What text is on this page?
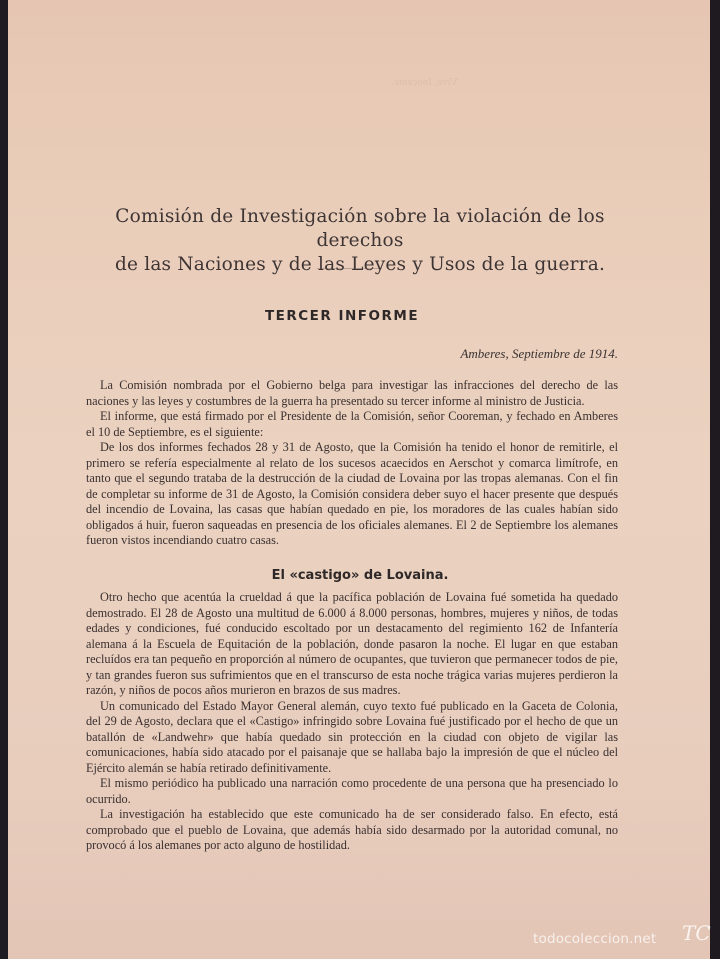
Vive, Inocente.
Comisión de Investigación sobre la violación de los derechos
de las Naciones y de las Leyes y Usos de la guerra.
TERCER INFORME
Amberes, Septiembre de 1914.

La Comisión nombrada por el Gobierno belga para investigar las infracciones del derecho de las naciones y las leyes y costumbres de la guerra ha presentado su tercer informe al ministro de Justicia.

El informe, que está firmado por el Presidente de la Comisión, señor Cooreman, y fechado en Amberes el 10 de Septiembre, es el siguiente:

De los dos informes fechados 28 y 31 de Agosto, que la Comisión ha tenido el honor de remitirle, el primero se refería especialmente al relato de los sucesos acaecidos en Aerschot y comarca limítrofe, en tanto que el segundo trataba de la destrucción de la ciudad de Lovaina por las tropas alemanas. Con el fin de completar su informe de 31 de Agosto, la Comisión considera deber suyo el hacer presente que después del incendio de Lovaina, las casas que habían quedado en pie, los moradores de las cuales habían sido obligados á huir, fueron saqueadas en presencia de los oficiales alemanes. El 2 de Septiembre los alemanes fueron vistos incendiando cuatro casas.

El «castigo» de Lovaina.

Otro hecho que acentúa la crueldad á que la pacífica población de Lovaina fué sometida ha quedado demostrado. El 28 de Agosto una multitud de 6.000 á 8.000 personas, hombres, mujeres y niños, de todas edades y condiciones, fué conducido escoltado por un destacamento del regimiento 162 de Infantería alemana á la Escuela de Equitación de la población, donde pasaron la noche. El lugar en que estaban recluídos era tan pequeño en proporción al número de ocupantes, que tuvieron que permanecer todos de pie, y tan grandes fueron sus sufrimientos que en el transcurso de esta noche trágica varias mujeres perdieron la razón, y niños de pocos años murieron en brazos de sus madres.

Un comunicado del Estado Mayor General alemán, cuyo texto fué publicado en la Gaceta de Colonia, del 29 de Agosto, declara que el «Castigo» infringido sobre Lovaina fué justificado por el hecho de que un batallón de «Landwehr» que había quedado sin protección en la ciudad con objeto de vigilar las comunicaciones, había sido atacado por el paisanaje que se hallaba bajo la impresión de que el núcleo del Ejército alemán se había retirado definitivamente.

El mismo periódico ha publicado una narración como procedente de una persona que ha presenciado lo ocurrido.

La investigación ha establecido que este comunicado ha de ser considerado falso. En efecto, está comprobado que el pueblo de Lovaina, que además había sido desarmado por la autoridad comunal, no provocó á los alemanes por acto alguno de hostilidad.

todocoleccion.net TC
